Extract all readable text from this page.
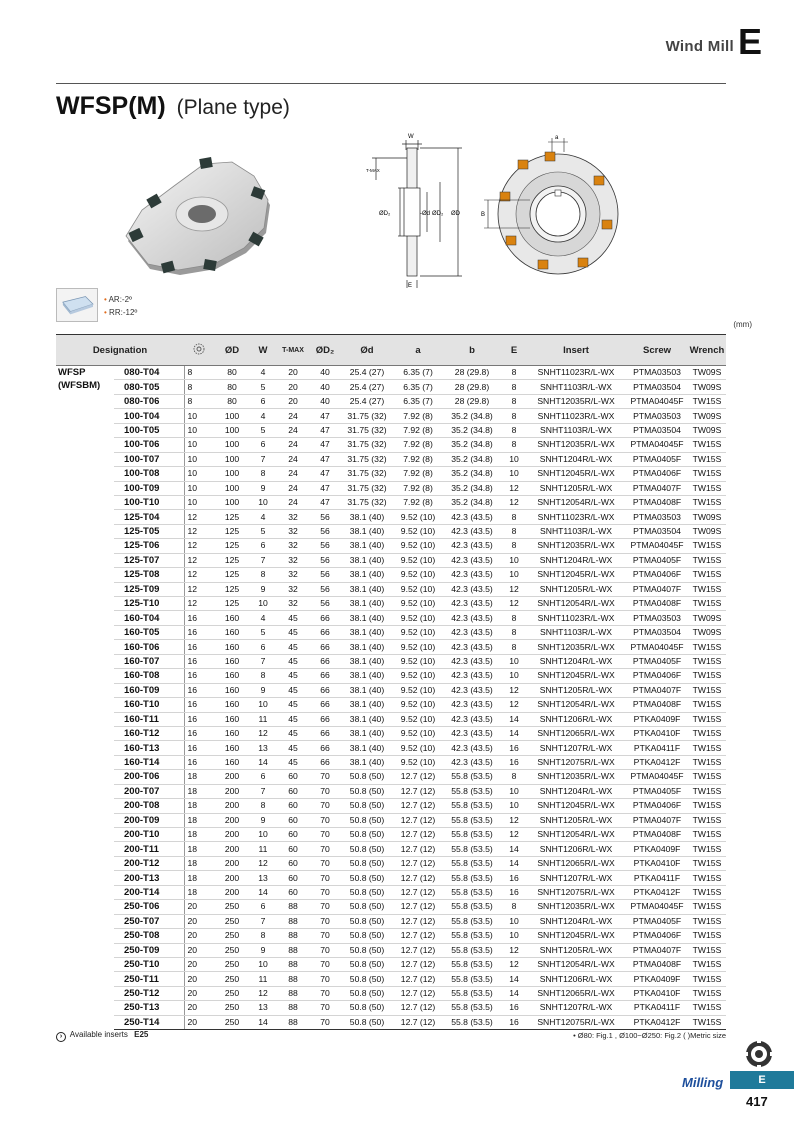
Wind Mill E
WFSP(M) (Plane type)
W
T-MAX
ØD₂	-Ød ØD₂ ØD
E
a
B
• AR:-2º
• RR:-12º
(mm)
Designation			ØD	W	T-MAX	ØD₂	Ød	a	b	E	Insert	Screw	Wrench

WFSP
(WFSBM)	080-T04	8	80	4	20	40	25.4 (27)	6.35 (7)	28 (29.8)	8	SNHT11023R/L-WX	PTMA03503	TW09S
	080-T05	8	80	5	20	40	25.4 (27)	6.35 (7)	28 (29.8)	8	SNHT1103R/L-WX	PTMA03504	TW09S
	080-T06	8	80	6	20	40	25.4 (27)	6.35 (7)	28 (29.8)	8	SNHT12035R/L-WX	PTMA04045F	TW15S
	100-T04	10	100	4	24	47	31.75 (32)	7.92 (8)	35.2 (34.8)	8	SNHT11023R/L-WX	PTMA03503	TW09S
	100-T05	10	100	5	24	47	31.75 (32)	7.92 (8)	35.2 (34.8)	8	SNHT1103R/L-WX	PTMA03504	TW09S
	100-T06	10	100	6	24	47	31.75 (32)	7.92 (8)	35.2 (34.8)	8	SNHT12035R/L-WX	PTMA04045F	TW15S
	100-T07	10	100	7	24	47	31.75 (32)	7.92 (8)	35.2 (34.8)	10	SNHT1204R/L-WX	PTMA0405F	TW15S
	100-T08	10	100	8	24	47	31.75 (32)	7.92 (8)	35.2 (34.8)	10	SNHT12045R/L-WX	PTMA0406F	TW15S
	100-T09	10	100	9	24	47	31.75 (32)	7.92 (8)	35.2 (34.8)	12	SNHT1205R/L-WX	PTMA0407F	TW15S
	100-T10	10	100	10	24	47	31.75 (32)	7.92 (8)	35.2 (34.8)	12	SNHT12054R/L-WX	PTMA0408F	TW15S
	125-T04	12	125	4	32	56	38.1 (40)	9.52 (10)	42.3 (43.5)	8	SNHT11023R/L-WX	PTMA03503	TW09S
	125-T05	12	125	5	32	56	38.1 (40)	9.52 (10)	42.3 (43.5)	8	SNHT1103R/L-WX	PTMA03504	TW09S
	125-T06	12	125	6	32	56	38.1 (40)	9.52 (10)	42.3 (43.5)	8	SNHT12035R/L-WX	PTMA04045F	TW15S
	125-T07	12	125	7	32	56	38.1 (40)	9.52 (10)	42.3 (43.5)	10	SNHT1204R/L-WX	PTMA0405F	TW15S
	125-T08	12	125	8	32	56	38.1 (40)	9.52 (10)	42.3 (43.5)	10	SNHT12045R/L-WX	PTMA0406F	TW15S
	125-T09	12	125	9	32	56	38.1 (40)	9.52 (10)	42.3 (43.5)	12	SNHT1205R/L-WX	PTMA0407F	TW15S
	125-T10	12	125	10	32	56	38.1 (40)	9.52 (10)	42.3 (43.5)	12	SNHT12054R/L-WX	PTMA0408F	TW15S
	160-T04	16	160	4	45	66	38.1 (40)	9.52 (10)	42.3 (43.5)	8	SNHT11023R/L-WX	PTMA03503	TW09S
	160-T05	16	160	5	45	66	38.1 (40)	9.52 (10)	42.3 (43.5)	8	SNHT1103R/L-WX	PTMA03504	TW09S
	160-T06	16	160	6	45	66	38.1 (40)	9.52 (10)	42.3 (43.5)	8	SNHT12035R/L-WX	PTMA04045F	TW15S
	160-T07	16	160	7	45	66	38.1 (40)	9.52 (10)	42.3 (43.5)	10	SNHT1204R/L-WX	PTMA0405F	TW15S
	160-T08	16	160	8	45	66	38.1 (40)	9.52 (10)	42.3 (43.5)	10	SNHT12045R/L-WX	PTMA0406F	TW15S
	160-T09	16	160	9	45	66	38.1 (40)	9.52 (10)	42.3 (43.5)	12	SNHT1205R/L-WX	PTMA0407F	TW15S
	160-T10	16	160	10	45	66	38.1 (40)	9.52 (10)	42.3 (43.5)	12	SNHT12054R/L-WX	PTMA0408F	TW15S
	160-T11	16	160	11	45	66	38.1 (40)	9.52 (10)	42.3 (43.5)	14	SNHT1206R/L-WX	PTKA0409F	TW15S
	160-T12	16	160	12	45	66	38.1 (40)	9.52 (10)	42.3 (43.5)	14	SNHT12065R/L-WX	PTKA0410F	TW15S
	160-T13	16	160	13	45	66	38.1 (40)	9.52 (10)	42.3 (43.5)	16	SNHT1207R/L-WX	PTKA0411F	TW15S
	160-T14	16	160	14	45	66	38.1 (40)	9.52 (10)	42.3 (43.5)	16	SNHT12075R/L-WX	PTKA0412F	TW15S
	200-T06	18	200	6	60	70	50.8 (50)	12.7 (12)	55.8 (53.5)	8	SNHT12035R/L-WX	PTMA04045F	TW15S
	200-T07	18	200	7	60	70	50.8 (50)	12.7 (12)	55.8 (53.5)	10	SNHT1204R/L-WX	PTMA0405F	TW15S
	200-T08	18	200	8	60	70	50.8 (50)	12.7 (12)	55.8 (53.5)	10	SNHT12045R/L-WX	PTMA0406F	TW15S
	200-T09	18	200	9	60	70	50.8 (50)	12.7 (12)	55.8 (53.5)	12	SNHT1205R/L-WX	PTMA0407F	TW15S
	200-T10	18	200	10	60	70	50.8 (50)	12.7 (12)	55.8 (53.5)	12	SNHT12054R/L-WX	PTMA0408F	TW15S
	200-T11	18	200	11	60	70	50.8 (50)	12.7 (12)	55.8 (53.5)	14	SNHT1206R/L-WX	PTKA0409F	TW15S
	200-T12	18	200	12	60	70	50.8 (50)	12.7 (12)	55.8 (53.5)	14	SNHT12065R/L-WX	PTKA0410F	TW15S
	200-T13	18	200	13	60	70	50.8 (50)	12.7 (12)	55.8 (53.5)	16	SNHT1207R/L-WX	PTKA0411F	TW15S
	200-T14	18	200	14	60	70	50.8 (50)	12.7 (12)	55.8 (53.5)	16	SNHT12075R/L-WX	PTKA0412F	TW15S
	250-T06	20	250	6	88	70	50.8 (50)	12.7 (12)	55.8 (53.5)	8	SNHT12035R/L-WX	PTMA04045F	TW15S
	250-T07	20	250	7	88	70	50.8 (50)	12.7 (12)	55.8 (53.5)	10	SNHT1204R/L-WX	PTMA0405F	TW15S
	250-T08	20	250	8	88	70	50.8 (50)	12.7 (12)	55.8 (53.5)	10	SNHT12045R/L-WX	PTMA0406F	TW15S
	250-T09	20	250	9	88	70	50.8 (50)	12.7 (12)	55.8 (53.5)	12	SNHT1205R/L-WX	PTMA0407F	TW15S
	250-T10	20	250	10	88	70	50.8 (50)	12.7 (12)	55.8 (53.5)	12	SNHT12054R/L-WX	PTMA0408F	TW15S
	250-T11	20	250	11	88	70	50.8 (50)	12.7 (12)	55.8 (53.5)	14	SNHT1206R/L-WX	PTKA0409F	TW15S
	250-T12	20	250	12	88	70	50.8 (50)	12.7 (12)	55.8 (53.5)	14	SNHT12065R/L-WX	PTKA0410F	TW15S
	250-T13	20	250	13	88	70	50.8 (50)	12.7 (12)	55.8 (53.5)	16	SNHT1207R/L-WX	PTKA0411F	TW15S
	250-T14	20	250	14	88	70	50.8 (50)	12.7 (12)	55.8 (53.5)	16	SNHT12075R/L-WX	PTKA0412F	TW15S
› Available inserts E25	• Ø80: Fig.1 , Ø100~Ø250: Fig.2 ( )Metric size
Milling	E
417
